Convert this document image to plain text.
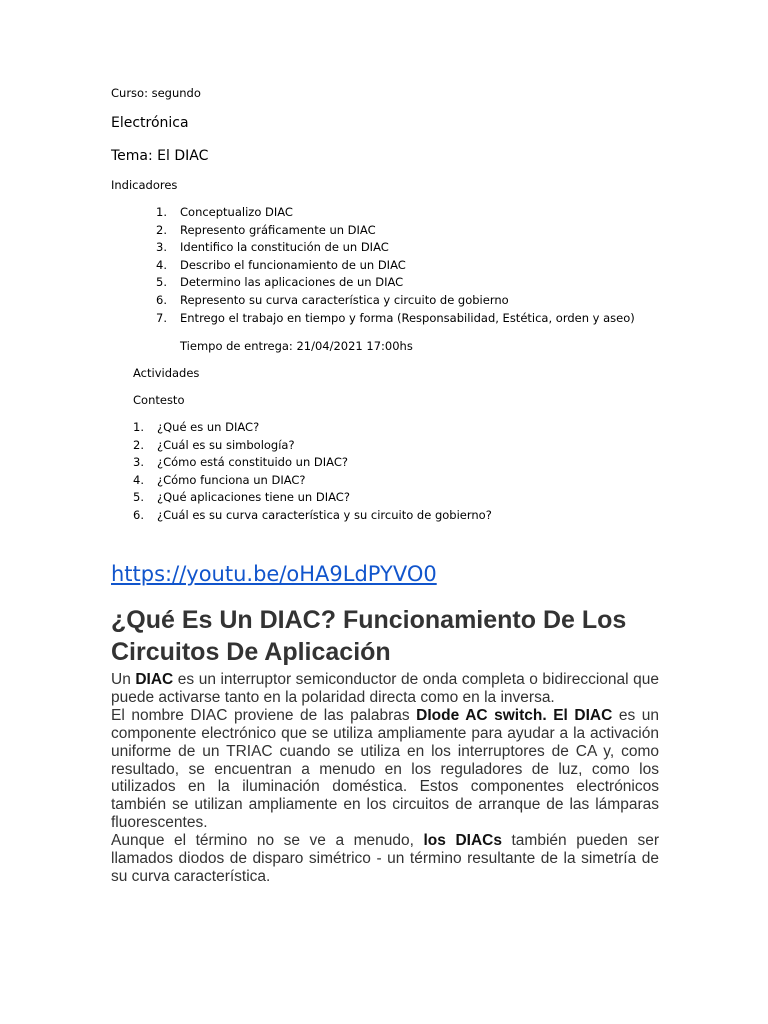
Curso: segundo

Electrónica

Tema: El DIAC

Indicadores

1. Conceptualizo DIAC
2. Represento gráficamente un DIAC
3. Identifico la constitución de un DIAC
4. Describo el funcionamiento de un DIAC
5. Determino las aplicaciones de un DIAC
6. Represento su curva característica y circuito de gobierno
7. Entrego el trabajo en tiempo y forma (Responsabilidad, Estética, orden y aseo)

Tiempo de entrega: 21/04/2021 17:00hs

Actividades

Contesto

1. ¿Qué es un DIAC?
2. ¿Cuál es su simbología?
3. ¿Cómo está constituido un DIAC?
4. ¿Cómo funciona un DIAC?
5. ¿Qué aplicaciones tiene un DIAC?
6. ¿Cuál es su curva característica y su circuito de gobierno?
https://youtu.be/oHA9LdPYVO0
¿Qué Es Un DIAC? Funcionamiento De Los Circuitos De Aplicación

Un DIAC es un interruptor semiconductor de onda completa o bidireccional que puede activarse tanto en la polaridad directa como en la inversa.

El nombre DIAC proviene de las palabras DIode AC switch. El DIAC es un componente electrónico que se utiliza ampliamente para ayudar a la activación uniforme de un TRIAC cuando se utiliza en los interruptores de CA y, como resultado, se encuentran a menudo en los reguladores de luz, como los utilizados en la iluminación doméstica. Estos componentes electrónicos también se utilizan ampliamente en los circuitos de arranque de las lámparas fluorescentes.

Aunque el término no se ve a menudo, los DIACs también pueden ser llamados diodos de disparo simétrico - un término resultante de la simetría de su curva característica.
